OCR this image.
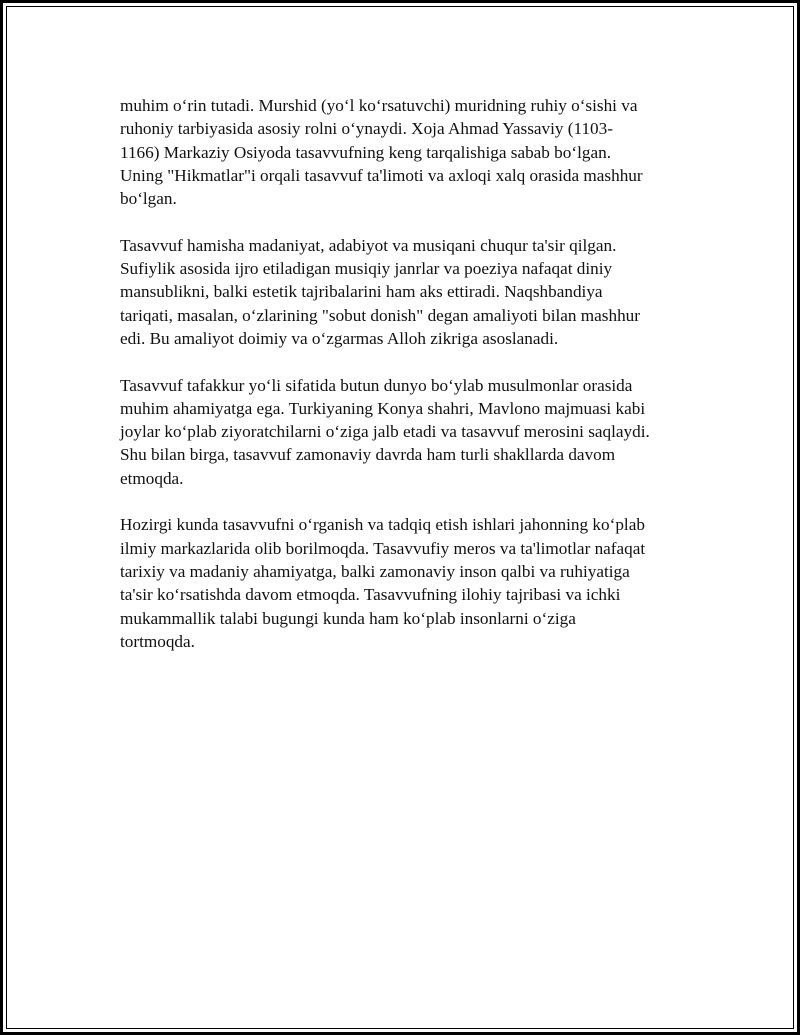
muhim o‘rin tutadi. Murshid (yo‘l ko‘rsatuvchi) muridning ruhiy o‘sishi va
ruhoniy tarbiyasida asosiy rolni o‘ynaydi. Xoja Ahmad Yassaviy (1103-
1166) Markaziy Osiyoda tasavvufning keng tarqalishiga sabab bo‘lgan.
Uning "Hikmatlar"i orqali tasavvuf ta'limoti va axloqi xalq orasida mashhur
bo‘lgan.

Tasavvuf hamisha madaniyat, adabiyot va musiqani chuqur ta'sir qilgan.
Sufiylik asosida ijro etiladigan musiqiy janrlar va poeziya nafaqat diniy
mansublikni, balki estetik tajribalarini ham aks ettiradi. Naqshbandiya
tariqati, masalan, o‘zlarining "sobut donish" degan amaliyoti bilan mashhur
edi. Bu amaliyot doimiy va o‘zgarmas Alloh zikriga asoslanadi.

Tasavvuf tafakkur yo‘li sifatida butun dunyo bo‘ylab musulmonlar orasida
muhim ahamiyatga ega. Turkiyaning Konya shahri, Mavlono majmuasi kabi
joylar ko‘plab ziyoratchilarni o‘ziga jalb etadi va tasavvuf merosini saqlaydi.
Shu bilan birga, tasavvuf zamonaviy davrda ham turli shakllarda davom
etmoqda.

Hozirgi kunda tasavvufni o‘rganish va tadqiq etish ishlari jahonning ko‘plab
ilmiy markazlarida olib borilmoqda. Tasavvufiy meros va ta'limotlar nafaqat
tarixiy va madaniy ahamiyatga, balki zamonaviy inson qalbi va ruhiyatiga
ta'sir ko‘rsatishda davom etmoqda. Tasavvufning ilohiy tajribasi va ichki
mukammallik talabi bugungi kunda ham ko‘plab insonlarni o‘ziga
tortmoqda.
